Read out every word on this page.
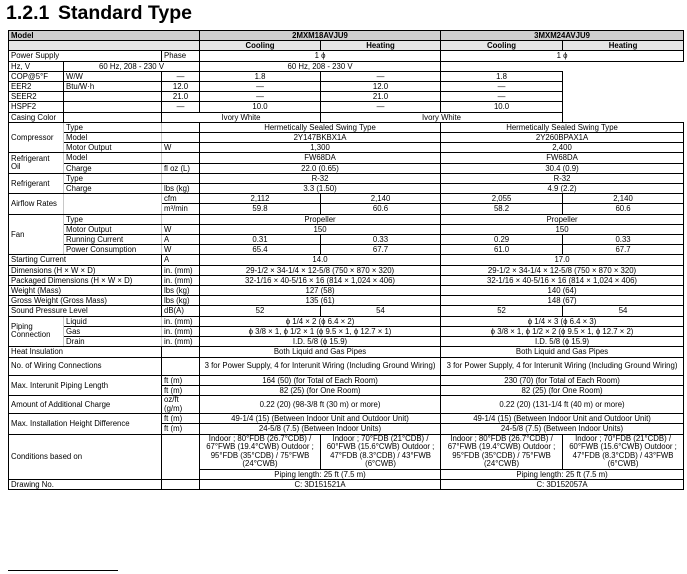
1.2.1 Standard Type
Model			2MXM18AVJU9		3MXM24AVJU9	
			Cooling	Heating	Cooling	Heating
Power Supply		Phase	1 ϕ		1 ϕ	
Hz, V	60 Hz, 208 - 230 V		60 Hz, 208 - 230 V			
COP@5°F	W/W	—	1.8	—	1.8	
EER2	Btu/W·h	12.0	—	12.0	—	
SEER2		21.0	—	21.0	—	
HSPF2		—	10.0	—	10.0	
Casing Color		Ivory White		Ivory White		
Compressor	Type		Hermetically Sealed Swing Type		Hermetically Sealed Swing Type	
	Model		2Y147BKBX1A		2Y260BPAX1A	
	Motor Output	W	1,300		2,400	
Refrigerant Oil	Model		FW68DA		FW68DA	
	Charge	fl oz (L)	22.0 (0.65)		30.4 (0.9)	
Refrigerant	Type		R-32		R-32	
	Charge	lbs (kg)	3.3 (1.50)		4.9 (2.2)	
Airflow Rates		cfm	2,112	2,140	2,055	2,140
		m³/min	59.8	60.6	58.2	60.6
Fan	Type		Propeller		Propeller	
	Motor Output	W	150		150	
	Running Current	A	0.31	0.33	0.29	0.33
	Power Consumption	W	65.4	67.7	61.0	67.7
Starting Current		A	14.0		17.0	
Dimensions (H × W × D)		in. (mm)	29-1/2 × 34-1/4 × 12-5/8 (750 × 870 × 320)		29-1/2 × 34-1/4 × 12-5/8 (750 × 870 × 320)	
Packaged Dimensions (H × W × D)		in. (mm)	32-1/16 × 40-5/16 × 16 (814 × 1,024 × 406)		32-1/16 × 40-5/16 × 16 (814 × 1,024 × 406)	
Weight (Mass)		lbs (kg)	127 (58)		140 (64)	
Gross Weight (Gross Mass)		lbs (kg)	135 (61)		148 (67)	
Sound Pressure Level		dB(A)	52	54	52	54
Piping Connection	Liquid	in. (mm)	ϕ 1/4 × 2 (ϕ 6.4 × 2)		ϕ 1/4 × 3 (ϕ 6.4 × 3)	
	Gas	in. (mm)	ϕ 3/8 × 1, ϕ 1/2 × 1 (ϕ 9.5 × 1, ϕ 12.7 × 1)		ϕ 3/8 × 1, ϕ 1/2 × 2 (ϕ 9.5 × 1, ϕ 12.7 × 2)	
	Drain	in. (mm)	I.D. 5/8 (ϕ 15.9)		I.D. 5/8 (ϕ 15.9)	
Heat Insulation			Both Liquid and Gas Pipes		Both Liquid and Gas Pipes	
No. of Wiring Connections			3 for Power Supply, 4 for Interunit Wiring (Including Ground Wiring)		3 for Power Supply, 4 for Interunit Wiring (Including Ground Wiring)	
Max. Interunit Piping Length		ft (m)	164 (50) (for Total of Each Room)		230 (70) (for Total of Each Room)	
		ft (m)	82 (25) (for One Room)		82 (25) (for One Room)	
Amount of Additional Charge		oz/ft (g/m)	0.22 (20) (98-3/8 ft (30 m) or more)		0.22 (20) (131-1/4 ft (40 m) or more)	
Max. Installation Height Difference		ft (m)	49-1/4 (15) (Between Indoor Unit and Outdoor Unit)		49-1/4 (15) (Between Indoor Unit and Outdoor Unit)	
		ft (m)	24-5/8 (7.5) (Between Indoor Units)		24-5/8 (7.5) (Between Indoor Units)	
Conditions based on			Indoor ; 80°FDB (26.7°CDB) / 67°FWB (19.4°CWB) Outdoor ; 95°FDB (35°CDB) / 75°FWB (24°CWB)	Indoor ; 70°FDB (21°CDB) / 60°FWB (15.6°CWB) Outdoor ; 47°FDB (8.3°CDB) / 43°FWB (6°CWB)	Indoor ; 80°FDB (26.7°CDB) / 67°FWB (19.4°CWB) Outdoor ; 95°FDB (35°CDB) / 75°FWB (24°CWB)	Indoor ; 70°FDB (21°CDB) / 60°FWB (15.6°CWB) Outdoor ; 47°FDB (8.3°CDB) / 43°FWB (6°CWB)
			Piping length: 25 ft (7.5 m)		Piping length: 25 ft (7.5 m)	
Drawing No.			C: 3D151521A		C: 3D152057A	
